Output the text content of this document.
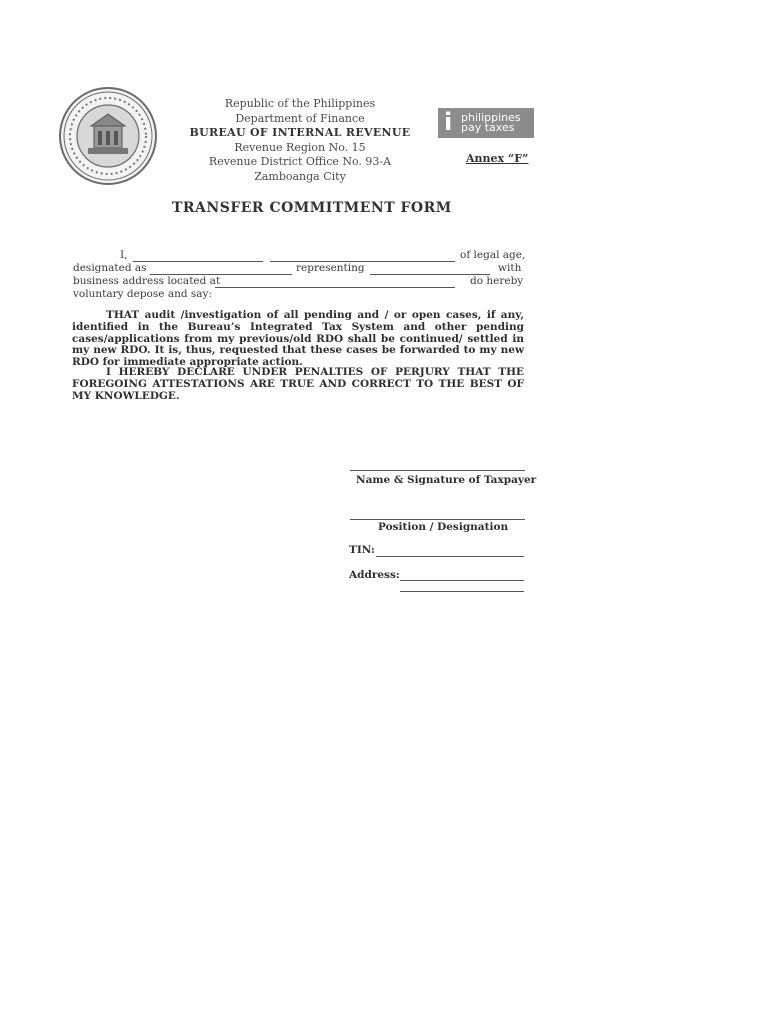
Republic of the Philippines
Department of Finance
BUREAU OF INTERNAL REVENUE
Revenue Region No. 15
Revenue District Office No. 93-A
Zamboanga City
i philippines
pay taxes
Annex “F”
TRANSFER COMMITMENT FORM
I,	of legal age,
designated as	representing	with
business address located at	do hereby
voluntary depose and say:
THAT audit /investigation of all pending and / or open cases, if any, identified in the Bureau’s Integrated Tax System and other pending cases/applications from my previous/old RDO shall be continued/ settled in my new RDO. It is, thus, requested that these cases be forwarded to my new RDO for immediate appropriate action.
I HEREBY DECLARE UNDER PENALTIES OF PERJURY THAT THE FOREGOING ATTESTATIONS ARE TRUE AND CORRECT TO THE BEST OF MY KNOWLEDGE.
Name & Signature of Taxpayer
Position / Designation
TIN:
Address:
